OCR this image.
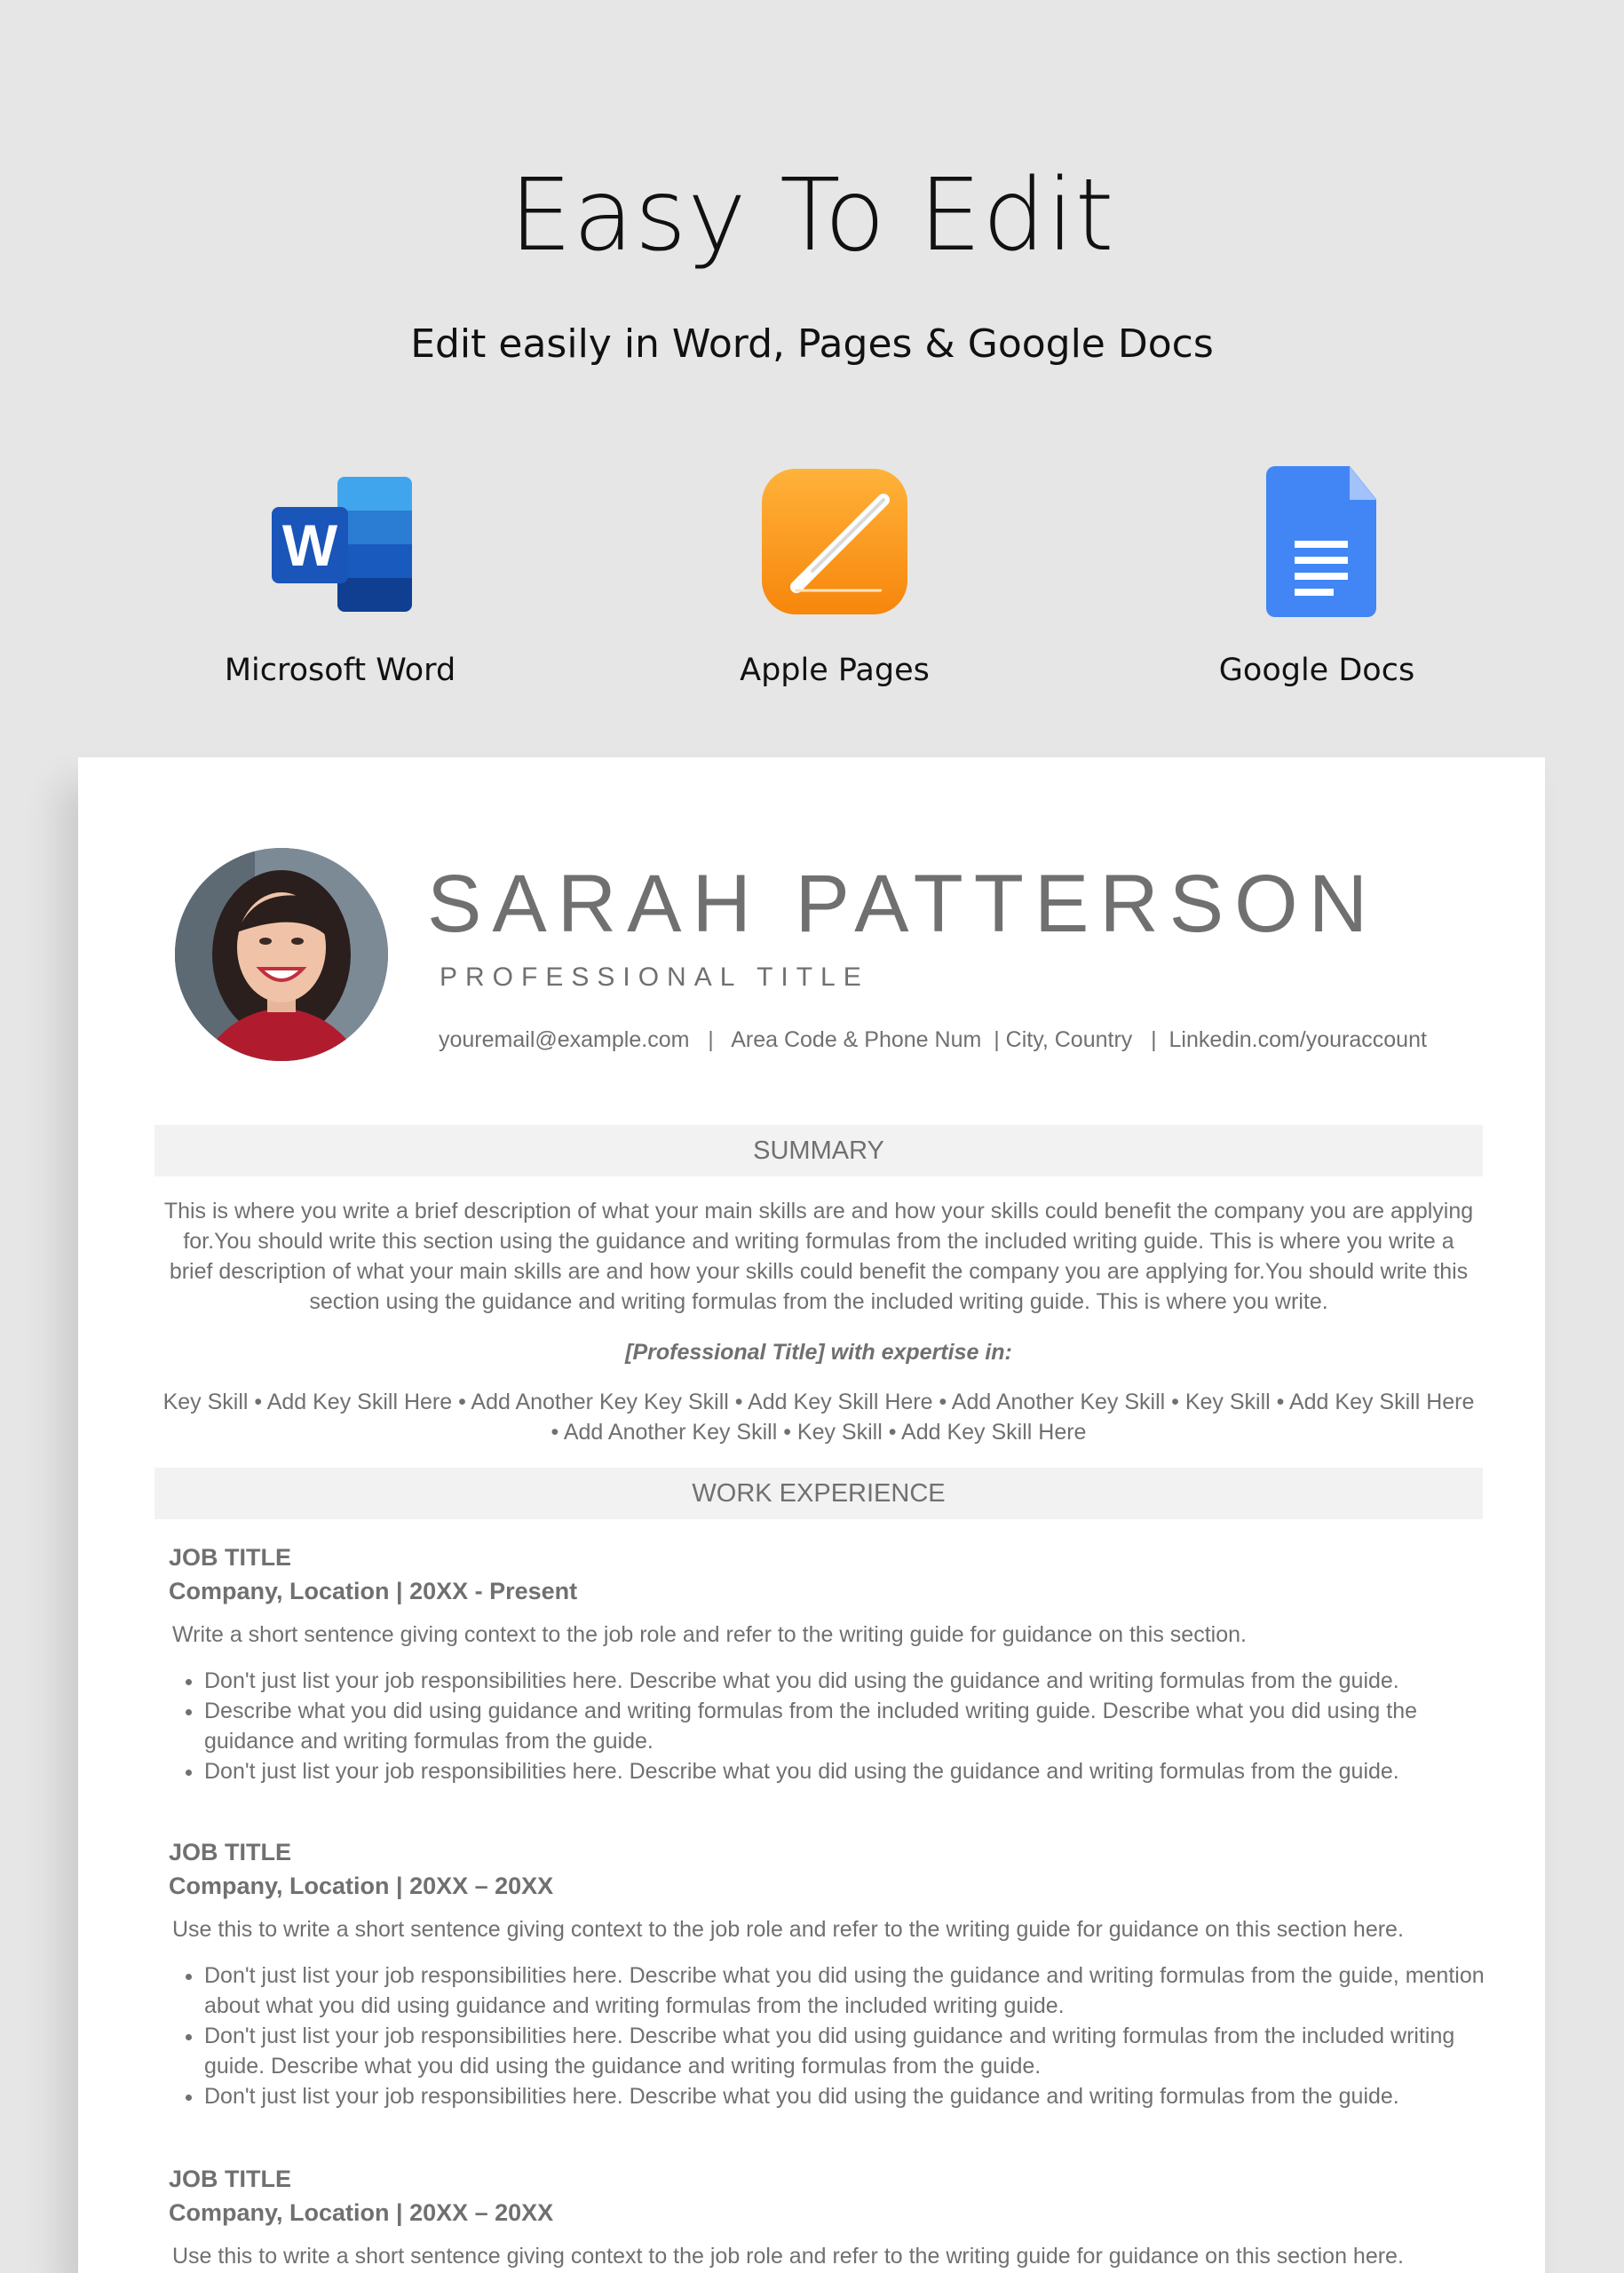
Easy To Edit
Edit easily in Word, Pages & Google Docs
W
Microsoft Word	Apple Pages	Google Docs
SARAH PATTERSON
PROFESSIONAL TITLE
youremail@example.com   |   Area Code & Phone Num  | City, Country   |  Linkedin.com/youraccount
SUMMARY
This is where you write a brief description of what your main skills are and how your skills could benefit the company you are applying for.You should write this section using the guidance and writing formulas from the included writing guide. This is where you write a brief description of what your main skills are and how your skills could benefit the company you are applying for.You should write this section using the guidance and writing formulas from the included writing guide. This is where you write.
[Professional Title] with expertise in:
Key Skill • Add Key Skill Here • Add Another Key Key Skill • Add Key Skill Here • Add Another Key Skill • Key Skill • Add Key Skill Here • Add Another Key Skill • Key Skill • Add Key Skill Here
WORK EXPERIENCE
JOB TITLE
Company, Location | 20XX - Present
Write a short sentence giving context to the job role and refer to the writing guide for guidance on this section.
• Don't just list your job responsibilities here. Describe what you did using the guidance and writing formulas from the guide.
• Describe what you did using guidance and writing formulas from the included writing guide. Describe what you did using the guidance and writing formulas from the guide.
• Don't just list your job responsibilities here. Describe what you did using the guidance and writing formulas from the guide.
JOB TITLE
Company, Location | 20XX – 20XX
Use this to write a short sentence giving context to the job role and refer to the writing guide for guidance on this section here.
• Don't just list your job responsibilities here. Describe what you did using the guidance and writing formulas from the guide, mention about what you did using guidance and writing formulas from the included writing guide.
• Don't just list your job responsibilities here. Describe what you did using guidance and writing formulas from the included writing guide. Describe what you did using the guidance and writing formulas from the guide.
• Don't just list your job responsibilities here. Describe what you did using the guidance and writing formulas from the guide.
JOB TITLE
Company, Location | 20XX – 20XX
Use this to write a short sentence giving context to the job role and refer to the writing guide for guidance on this section here.
